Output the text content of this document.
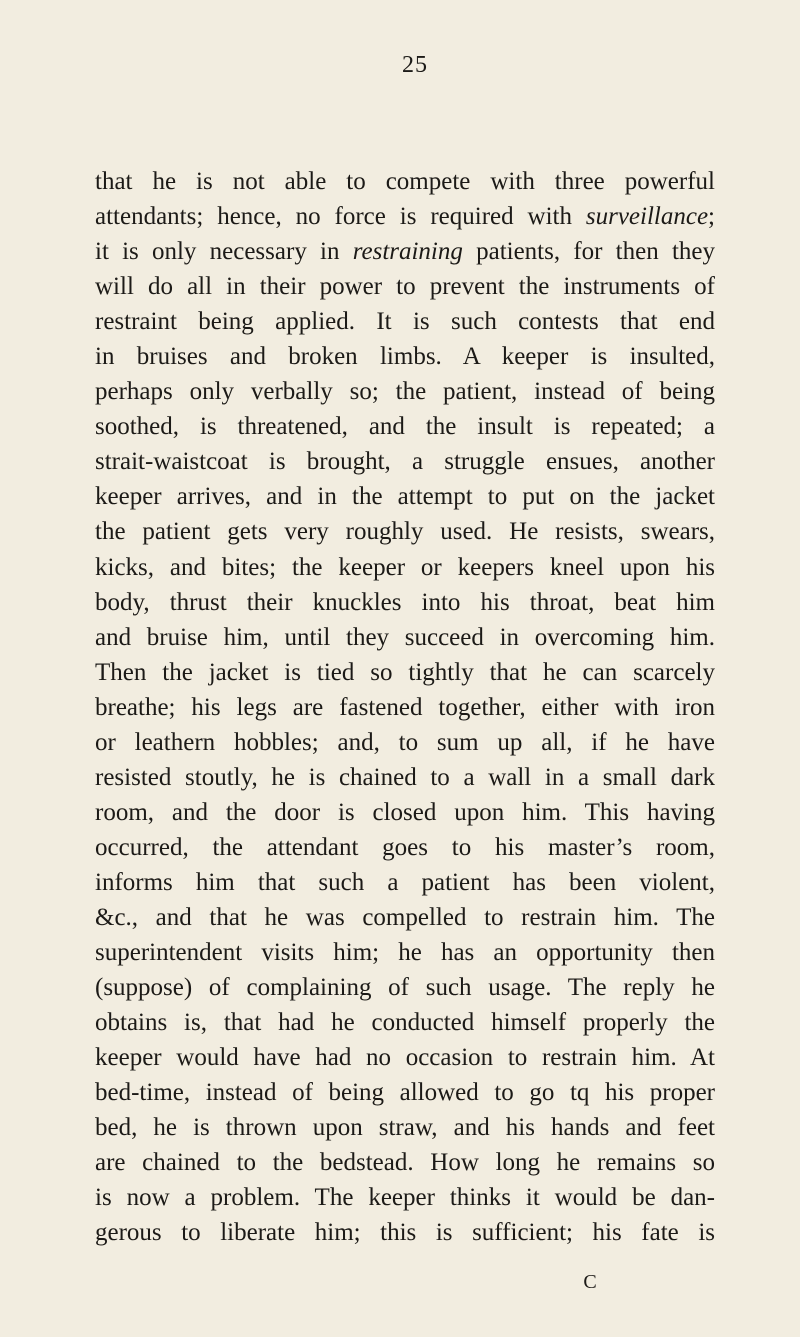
25
that he is not able to compete with three powerful
attendants; hence, no force is required with surveillance;
it is only necessary in restraining patients, for then they
will do all in their power to prevent the instruments of
restraint being applied. It is such contests that end
in bruises and broken limbs. A keeper is insulted,
perhaps only verbally so; the patient, instead of being
soothed, is threatened, and the insult is repeated; a
strait-waistcoat is brought, a struggle ensues, another
keeper arrives, and in the attempt to put on the jacket
the patient gets very roughly used. He resists, swears,
kicks, and bites; the keeper or keepers kneel upon his
body, thrust their knuckles into his throat, beat him
and bruise him, until they succeed in overcoming him.
Then the jacket is tied so tightly that he can scarcely
breathe; his legs are fastened together, either with iron
or leathern hobbles; and, to sum up all, if he have
resisted stoutly, he is chained to a wall in a small dark
room, and the door is closed upon him. This having
occurred, the attendant goes to his master’s room,
informs him that such a patient has been violent,
&c., and that he was compelled to restrain him. The
superintendent visits him; he has an opportunity then
(suppose) of complaining of such usage. The reply he
obtains is, that had he conducted himself properly the
keeper would have had no occasion to restrain him. At
bed-time, instead of being allowed to go tq his proper
bed, he is thrown upon straw, and his hands and feet
are chained to the bedstead. How long he remains so
is now a problem. The keeper thinks it would be dan-
gerous to liberate him; this is sufficient; his fate is
C
